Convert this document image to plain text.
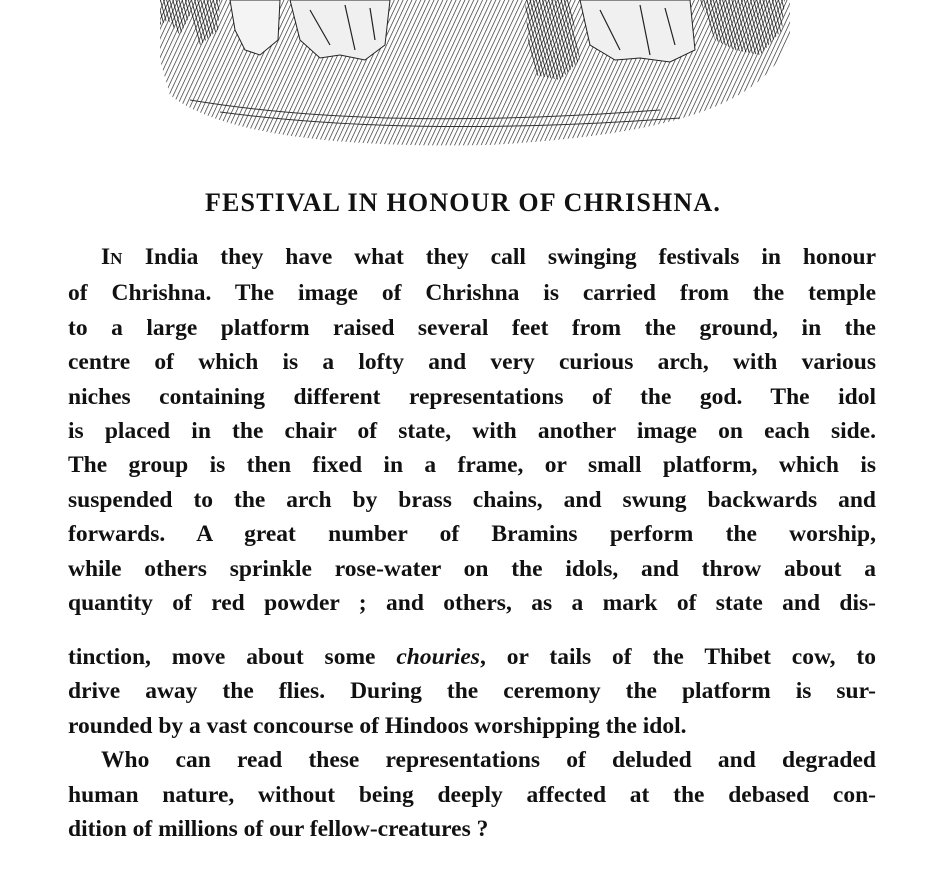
FESTIVAL IN HONOUR OF CHRISHNA.
IN India they have what they call swinging festivals in honour
of Chrishna. The image of Chrishna is carried from the temple
to a large platform raised several feet from the ground, in the
centre of which is a lofty and very curious arch, with various
niches containing different representations of the god. The idol
is placed in the chair of state, with another image on each side.
The group is then fixed in a frame, or small platform, which is
suspended to the arch by brass chains, and swung backwards and
forwards. A great number of Bramins perform the worship,
while others sprinkle rose-water on the idols, and throw about a
quantity of red powder ; and others, as a mark of state and dis-
tinction, move about some chouries, or tails of the Thibet cow, to
drive away the flies. During the ceremony the platform is sur-
rounded by a vast concourse of Hindoos worshipping the idol.
Who can read these representations of deluded and degraded
human nature, without being deeply affected at the debased con-
dition of millions of our fellow-creatures ?
